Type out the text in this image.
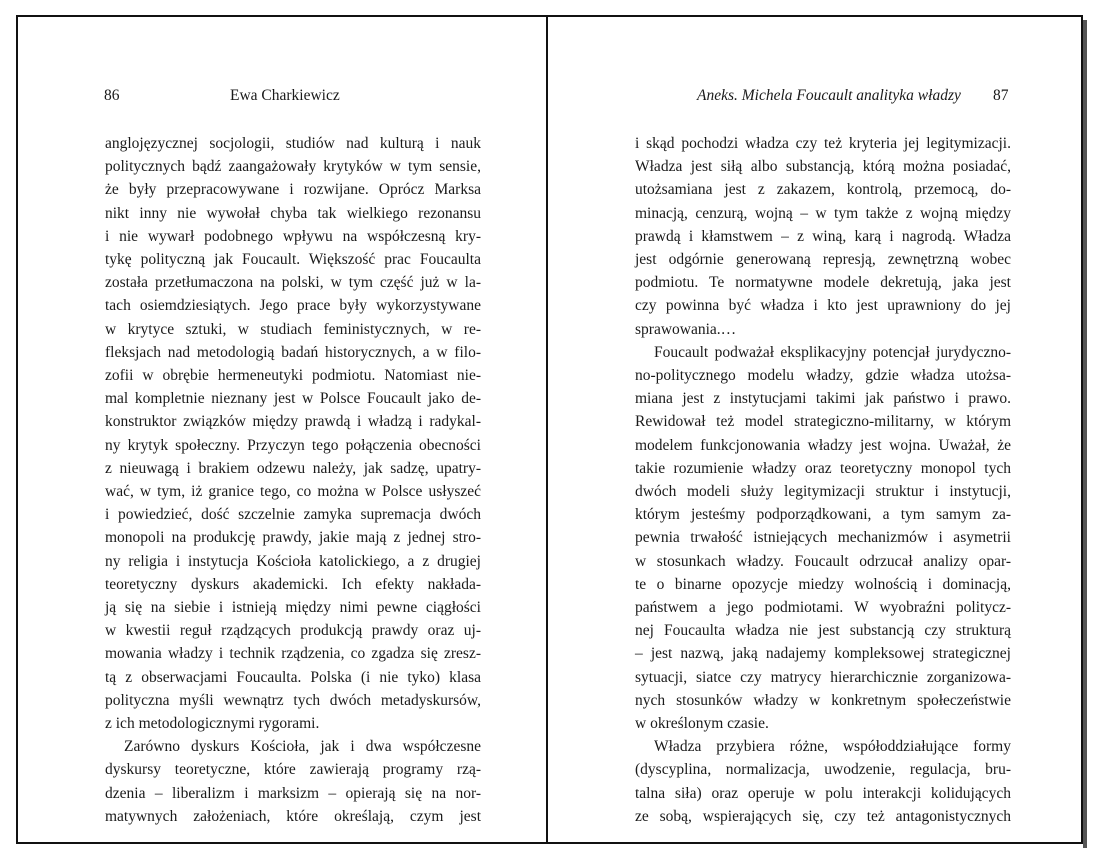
86	Ewa Charkiewicz
anglojęzycznej socjologii, studiów nad kulturą i nauk
politycznych bądź zaangażowały krytyków w tym sensie,
że były przepracowywane i rozwijane. Oprócz Marksa
nikt inny nie wywołał chyba tak wielkiego rezonansu
i nie wywarł podobnego wpływu na współczesną kry-
tykę polityczną jak Foucault. Większość prac Foucaulta
została przetłumaczona na polski, w tym część już w la-
tach osiemdziesiątych. Jego prace były wykorzystywane
w krytyce sztuki, w studiach feministycznych, w re-
fleksjach nad metodologią badań historycznych, a w filo-
zofii w obrębie hermeneutyki podmiotu. Natomiast nie-
mal kompletnie nieznany jest w Polsce Foucault jako de-
konstruktor związków między prawdą i władzą i radykal-
ny krytyk społeczny. Przyczyn tego połączenia obecności
z nieuwagą i brakiem odzewu należy, jak sadzę, upatry-
wać, w tym, iż granice tego, co można w Polsce usłyszeć
i powiedzieć, dość szczelnie zamyka supremacja dwóch
monopoli na produkcję prawdy, jakie mają z jednej stro-
ny religia i instytucja Kościoła katolickiego, a z drugiej
teoretyczny dyskurs akademicki. Ich efekty nakłada-
ją się na siebie i istnieją między nimi pewne ciągłości
w kwestii reguł rządzących produkcją prawdy oraz uj-
mowania władzy i technik rządzenia, co zgadza się zresz-
tą z obserwacjami Foucaulta. Polska (i nie tyko) klasa
polityczna myśli wewnątrz tych dwóch metadyskursów,
z ich metodologicznymi rygorami.
Zarówno dyskurs Kościoła, jak i dwa współczesne
dyskursy teoretyczne, które zawierają programy rzą-
dzenia – liberalizm i marksizm – opierają się na nor-
matywnych założeniach, które określają, czym jest
Aneks. Michela Foucault analityka władzy 87
i skąd pochodzi władza czy też kryteria jej legitymizacji.
Władza jest siłą albo substancją, którą można posiadać,
utożsamiana jest z zakazem, kontrolą, przemocą, do-
minacją, cenzurą, wojną – w tym także z wojną między
prawdą i kłamstwem – z winą, karą i nagrodą. Władza
jest odgórnie generowaną represją, zewnętrzną wobec
podmiotu. Te normatywne modele dekretują, jaka jest
czy powinna być władza i kto jest uprawniony do jej
sprawowania.…
Foucault podważał eksplikacyjny potencjał jurydyczno-
no-politycznego modelu władzy, gdzie władza utożsa-
miana jest z instytucjami takimi jak państwo i prawo.
Rewidował też model strategiczno-militarny, w którym
modelem funkcjonowania władzy jest wojna. Uważał, że
takie rozumienie władzy oraz teoretyczny monopol tych
dwóch modeli służy legitymizacji struktur i instytucji,
którym jesteśmy podporządkowani, a tym samym za-
pewnia trwałość istniejących mechanizmów i asymetrii
w stosunkach władzy. Foucault odrzucał analizy opar-
te o binarne opozycje miedzy wolnością i dominacją,
państwem a jego podmiotami. W wyobraźni politycz-
nej Foucaulta władza nie jest substancją czy strukturą
– jest nazwą, jaką nadajemy kompleksowej strategicznej
sytuacji, siatce czy matrycy hierarchicznie zorganizowa-
nych stosunków władzy w konkretnym społeczeństwie
w określonym czasie.
Władza przybiera różne, współoddziałujące formy
(dyscyplina, normalizacja, uwodzenie, regulacja, bru-
talna siła) oraz operuje w polu interakcji kolidujących
ze sobą, wspierających się, czy też antagonistycznych
